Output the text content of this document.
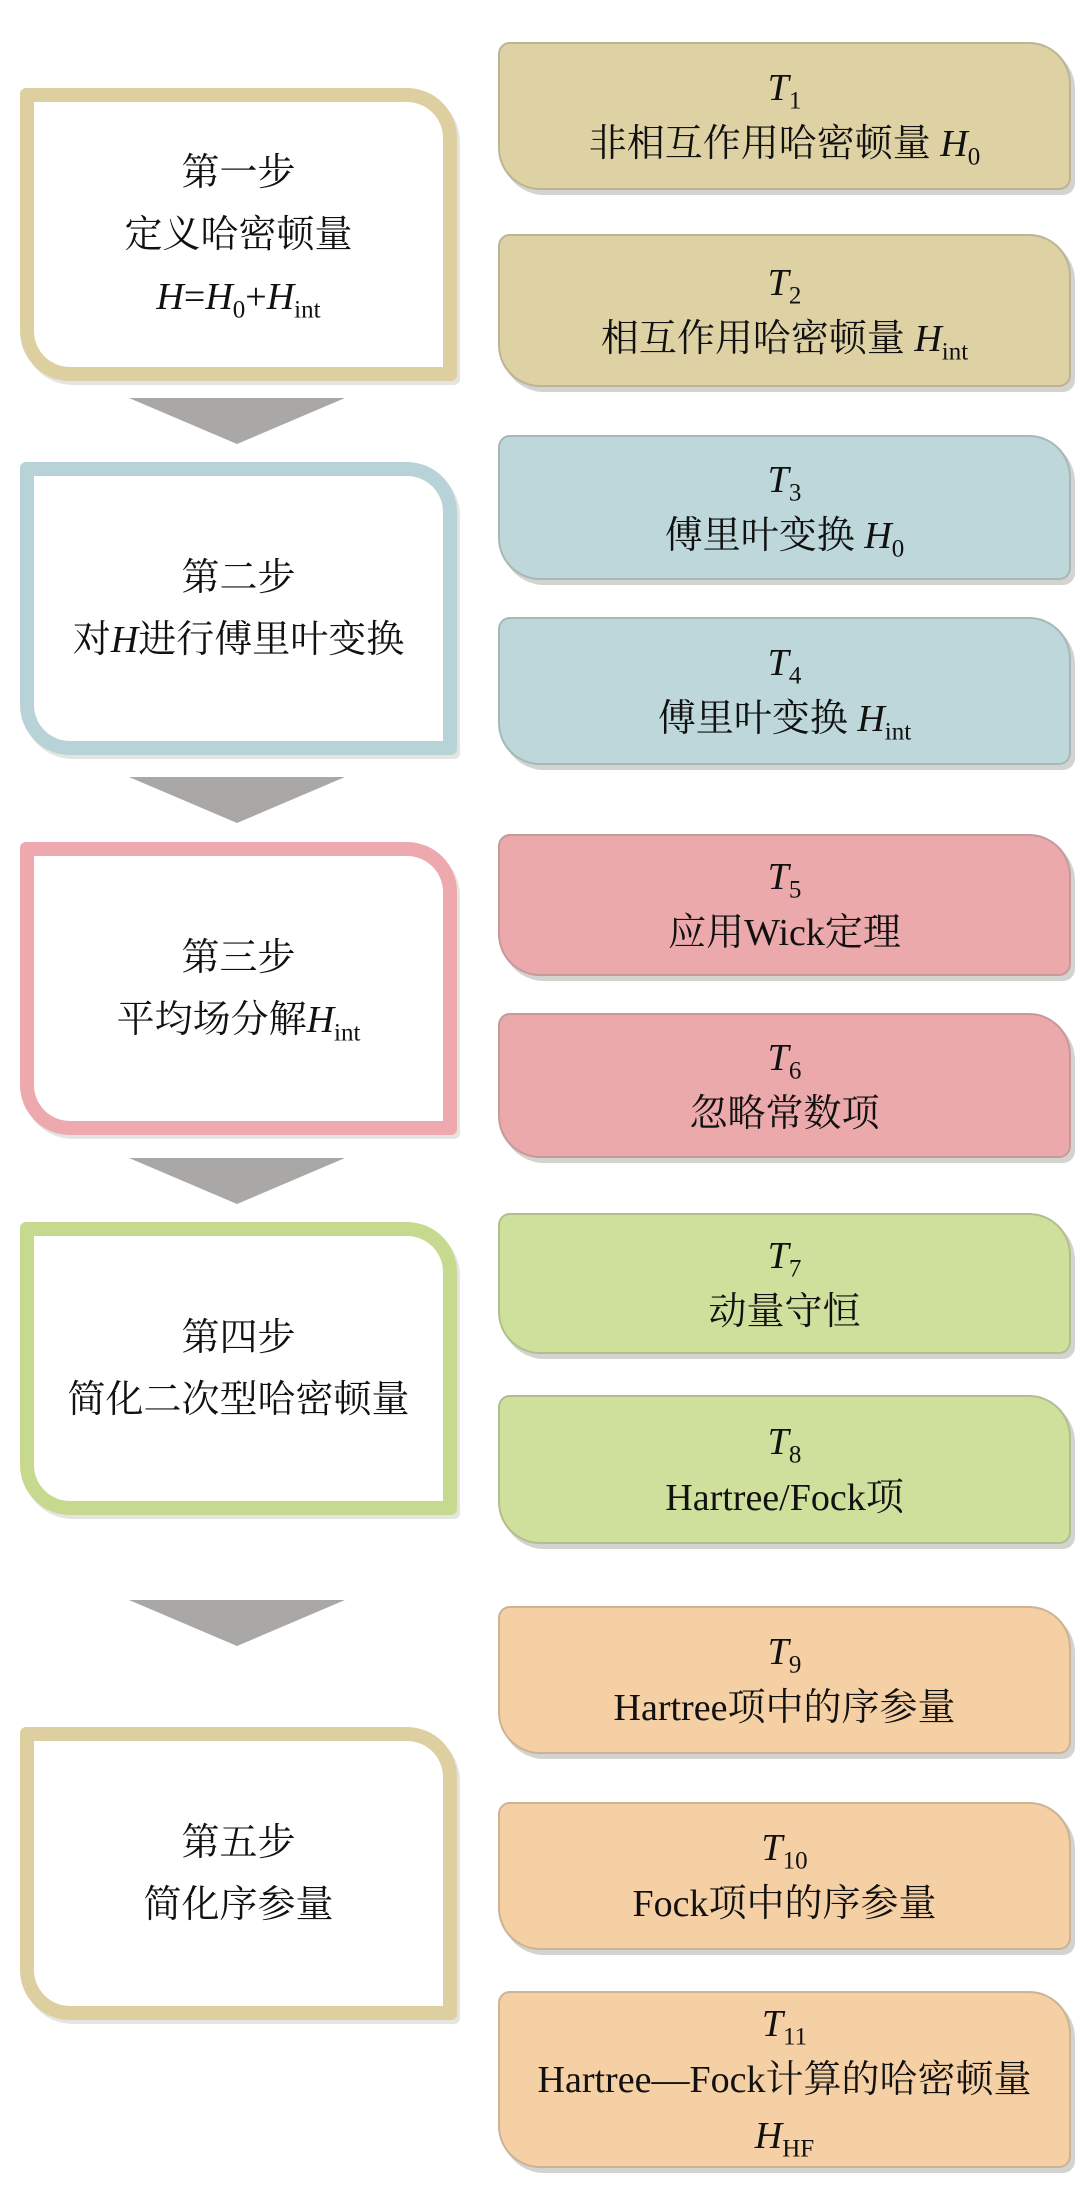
第一步
定义哈密顿量
$H=H_0+H_{int}$
第二步
对H进行傅里叶变换
第三步
平均场分解$H_{int}$
第四步
简化二次型哈密顿量
第五步
简化序参量
$T_1$
非相互作用哈密顿量 $H_0$
$T_2$
相互作用哈密顿量 $H_{int}$
$T_3$
傅里叶变换 $H_0$
$T_4$
傅里叶变换 $H_{int}$
$T_5$
应用Wick定理
$T_6$
忽略常数项
$T_7$
动量守恒
$T_8$
Hartree/Fock项
$T_9$
Hartree项中的序参量
$T_{10}$
Fock项中的序参量
$T_{11}$
Hartree—Fock计算的哈密顿量
$H_{HF}$
